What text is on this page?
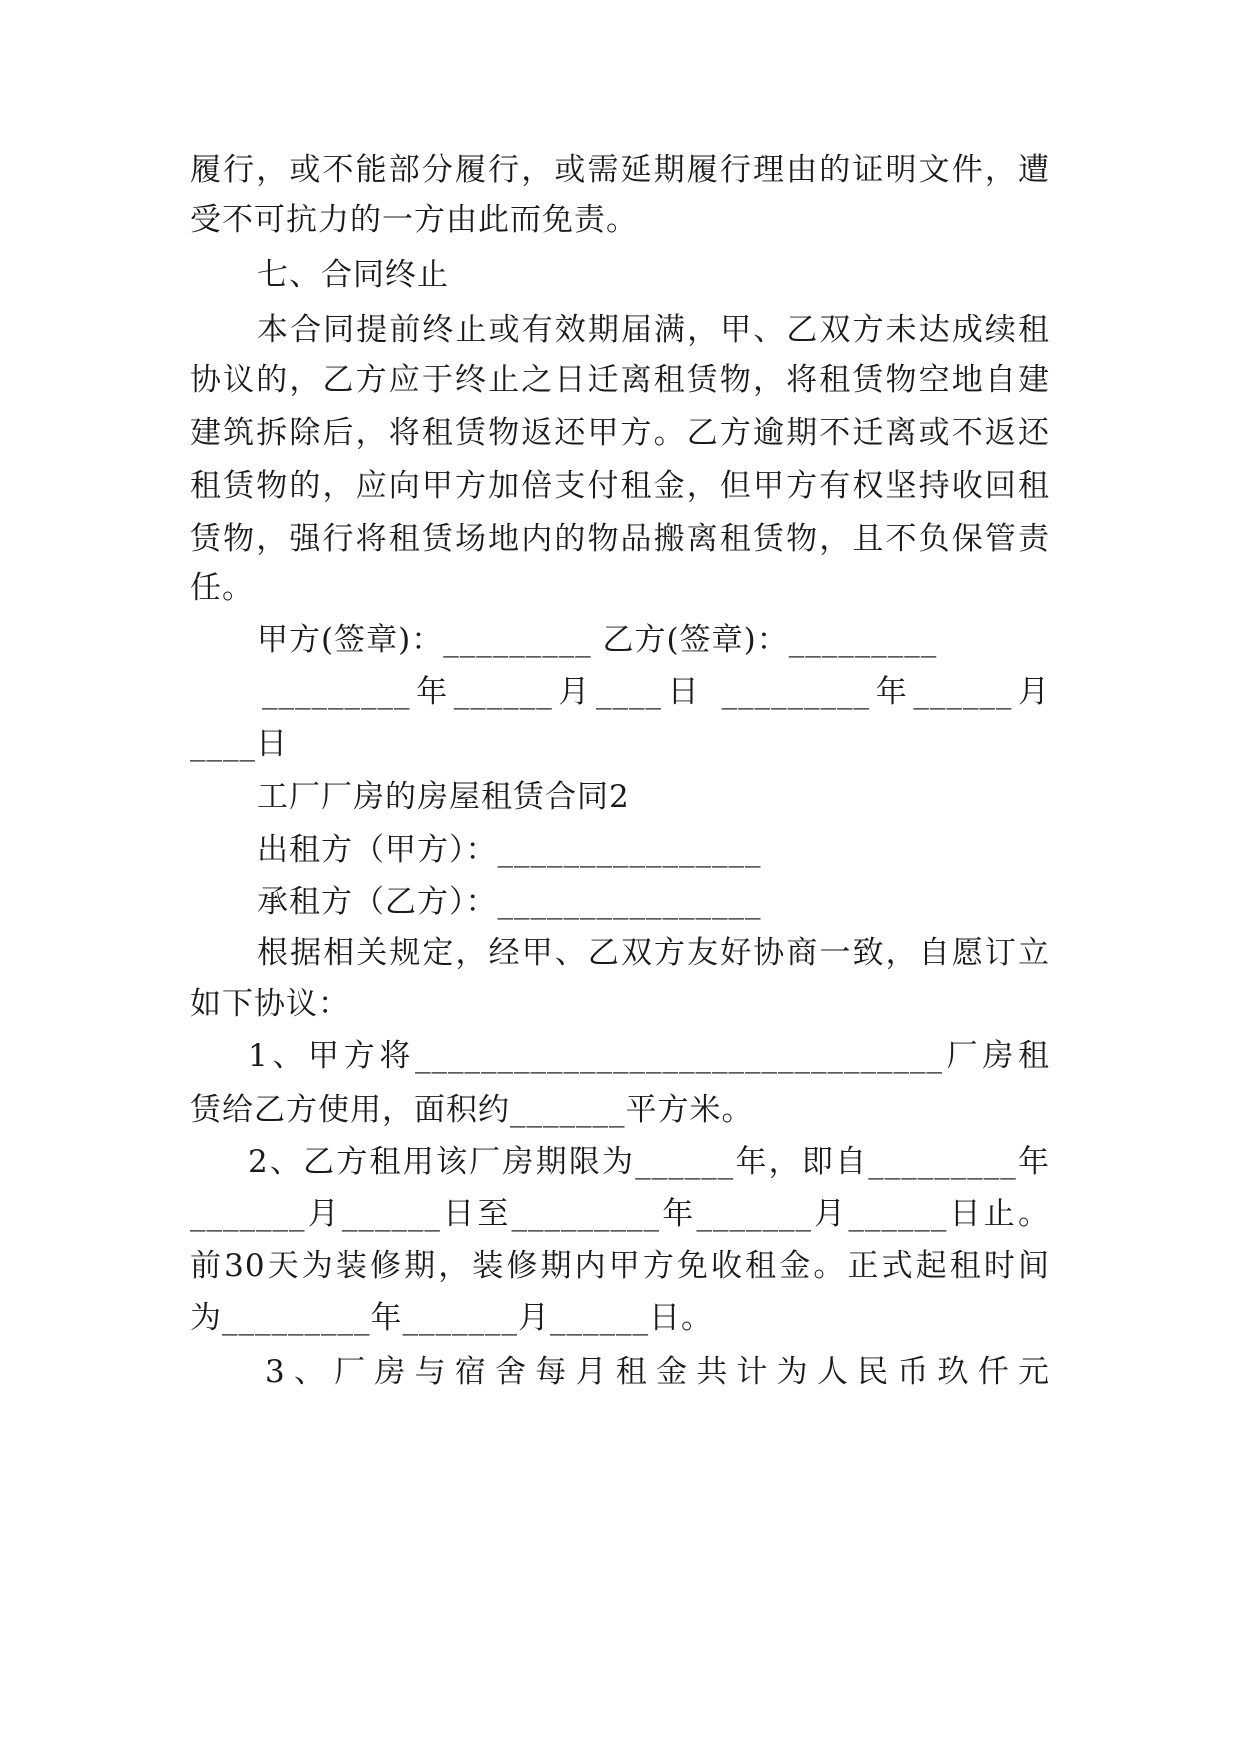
履行，或不能部分履行，或需延期履行理由的证明文件，遭
受不可抗力的一方由此而免责。
七、合同终止
本合同提前终止或有效期届满，甲、乙双方未达成续租
协议的，乙方应于终止之日迁离租赁物，将租赁物空地自建
建筑拆除后，将租赁物返还甲方。乙方逾期不迁离或不返还
租赁物的，应向甲方加倍支付租金，但甲方有权坚持收回租
赁物，强行将租赁场地内的物品搬离租赁物，且不负保管责
任。
甲方(签章)：_________ 乙方(签章)：_________
_________年______月____日 _________年______月
____日
工厂厂房的房屋租赁合同2
出租方（甲方）：________________
承租方（乙方）：________________
根据相关规定，经甲、乙双方友好协商一致，自愿订立
如下协议：
1、甲方将________________________________厂房租
赁给乙方使用，面积约_______平方米。
2、乙方租用该厂房期限为______年，即自_________年
_______月______日至_________年_______月______日止。
前30天为装修期，装修期内甲方免收租金。正式起租时间
为_________年_______月______日。
3、厂房与宿舍每月租金共计为人民币玖仟元
